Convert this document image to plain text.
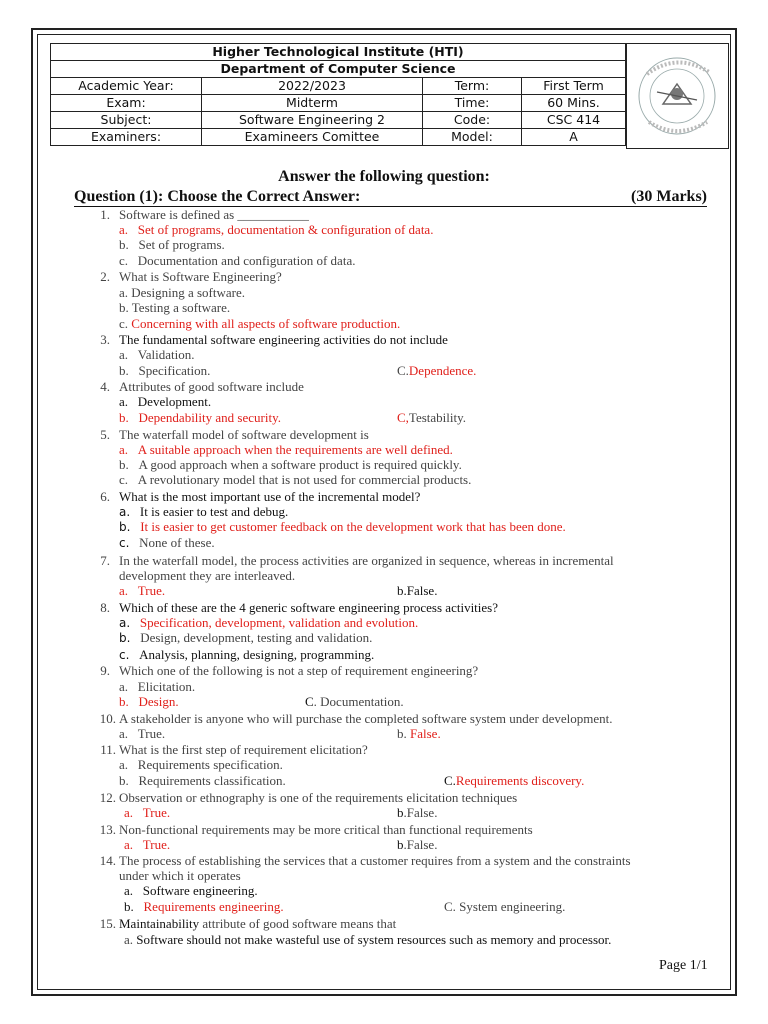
Higher Technological Institute (HTI)			
Department of Computer Science			
Academic Year:	2022/2023	Term:	First Term
Exam:	Midterm	Time:	60 Mins.
Subject:	Software Engineering 2	Code:	CSC 414
Examiners:	Examineers Comittee	Model:	A
Answer the following question:
Question (1): Choose the Correct Answer:	(30 Marks)
1. Software is defined as ___________
a. Set of programs, documentation & configuration of data.
b. Set of programs.
c. Documentation and configuration of data.
2. What is Software Engineering?
a. Designing a software.
b. Testing a software.
c. Concerning with all aspects of software production.
3. The fundamental software engineering activities do not include
a. Validation.
b. Specification.	C.Dependence.
4. Attributes of good software include
a. Development.
b. Dependability and security.	C,Testability.
5. The waterfall model of software development is
a. A suitable approach when the requirements are well defined.
b. A good approach when a software product is required quickly.
c. A revolutionary model that is not used for commercial products.
6. What is the most important use of the incremental model?
a. It is easier to test and debug.
b. It is easier to get customer feedback on the development work that has been done.
c. None of these.
7. In the waterfall model, the process activities are organized in sequence, whereas in incremental
development they are interleaved.
a. True.	b.False.
8. Which of these are the 4 generic software engineering process activities?
a. Specification, development, validation and evolution.
b. Design, development, testing and validation.
c. Analysis, planning, designing, programming.
9. Which one of the following is not a step of requirement engineering?
a. Elicitation.
b. Design.	C. Documentation.
10. A stakeholder is anyone who will purchase the completed software system under development.
a. True.	b. False.
11. What is the first step of requirement elicitation?
a. Requirements specification.
b. Requirements classification.	C.Requirements discovery.
12. Observation or ethnography is one of the requirements elicitation techniques
a. True.	b.False.
13. Non-functional requirements may be more critical than functional requirements
a. True.	b.False.
14. The process of establishing the services that a customer requires from a system and the constraints
under which it operates
a. Software engineering.
b. Requirements engineering.	C. System engineering.
15. Maintainability attribute of good software means that
a. Software should not make wasteful use of system resources such as memory and processor.
Page 1/1
